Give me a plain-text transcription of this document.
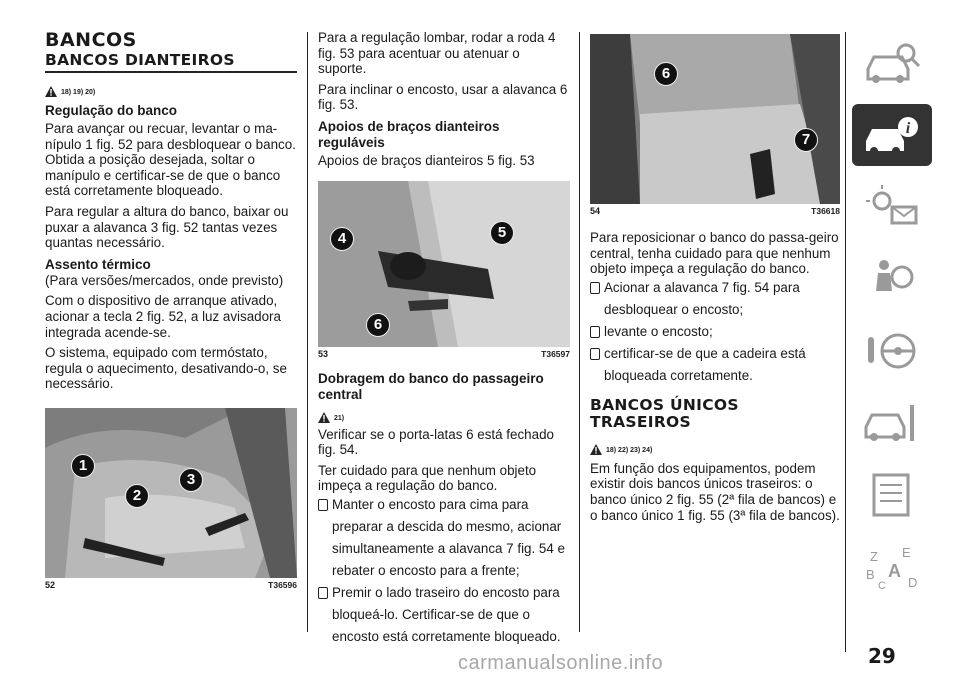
BANCOS
BANCOS DIANTEIROS
18) 19) 20)
Regulação do banco

Para avançar ou recuar, levantar o ma-nípulo 1 fig. 52 para desbloquear o banco. Obtida a posição desejada, soltar o manípulo e certificar-se de que o banco está corretamente bloqueado.

Para regular a altura do banco, baixar ou puxar a alavanca 3 fig. 52 tantas vezes quantas necessário.

Assento térmico

(Para versões/mercados, onde previsto)

Com o dispositivo de arranque ativado, acionar a tecla 2 fig. 52, a luz avisadora integrada acende-se.

O sistema, equipado com termóstato, regula o aquecimento, desativando-o, se necessário.

1
2
3
52	T36596

Para a regulação lombar, rodar a roda 4 fig. 53 para acentuar ou atenuar o suporte.

Para inclinar o encosto, usar a alavanca 6 fig. 53.

Apoios de braços dianteiros reguláveis

Apoios de braços dianteiros 5 fig. 53

4	5
6
53	T36597
Dobragem do banco do passageiro central
21)

Verificar se o porta-latas 6 está fechado fig. 54.

Ter cuidado para que nenhum objeto impeça a regulação do banco.

Manter o encosto para cima para preparar a descida do mesmo, acionar simultaneamente a alavanca 7 fig. 54 e rebater o encosto para a frente;
Premir o lado traseiro do encosto para bloqueá-lo. Certificar-se de que o encosto está corretamente bloqueado.
6
7
54	T36618

Para reposicionar o banco do passa-geiro central, tenha cuidado para que nenhum objeto impeça a regulação do banco.

Acionar a alavanca 7 fig. 54 para desbloquear o encosto;
levante o encosto;
certificar-se de que a cadeira está bloqueada corretamente.
BANCOS ÚNICOS TRASEIROS
18) 22) 23) 24)

Em função dos equipamentos, podem existir dois bancos únicos traseiros: o banco único 2 fig. 55 (2ª fila de bancos) e o banco único 1 fig. 55 (3ª fila de bancos).

i
Z E
B A
C D
29
carmanualsonline.info
